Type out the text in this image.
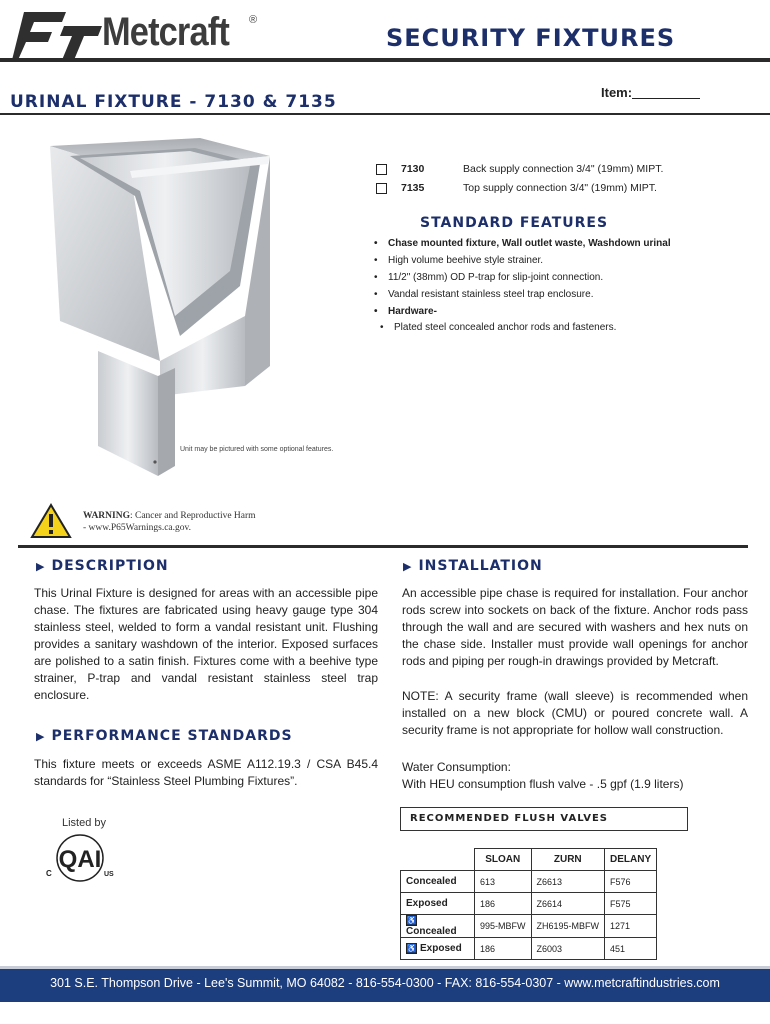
Metcraft ®
SECURITY FIXTURES
URINAL FIXTURE - 7130 & 7135	Item:
Unit may be pictured with some optional features.
7130	Back supply connection 3/4" (19mm) MIPT.
7135	Top supply connection 3/4" (19mm) MIPT.
STANDARD FEATURES
• Chase mounted fixture, Wall outlet waste, Washdown urinal
• High volume beehive style strainer.
• 11/2" (38mm) OD P-trap for slip-joint connection.
• Vandal resistant stainless steel trap enclosure.
• Hardware-
• Plated steel concealed anchor rods and fasteners.
WARNING: Cancer and Reproductive Harm
- www.P65Warnings.ca.gov.
▶ DESCRIPTION
This Urinal Fixture is designed for areas with an accessible pipe chase. The fixtures are fabricated using heavy gauge type 304 stainless steel, welded to form a vandal resistant unit. Flushing provides a sanitary washdown of the interior. Exposed surfaces are polished to a satin finish. Fixtures come with a beehive type strainer, P-trap and vandal resistant stainless steel trap enclosure.
▶ PERFORMANCE STANDARDS
This fixture meets or exceeds ASME A112.19.3 / CSA B45.4 standards for “Stainless Steel Plumbing Fixtures”.
▶ INSTALLATION
An accessible pipe chase is required for installation. Four anchor rods screw into sockets on back of the fixture. Anchor rods pass through the wall and are secured with washers and hex nuts on the chase side. Installer must provide wall openings for anchor rods and piping per rough-in drawings provided by Metcraft.
NOTE: A security frame (wall sleeve) is recommended when installed on a new block (CMU) or poured concrete wall. A security frame is not appropriate for hollow wall construction.
Water Consumption:
With HEU consumption flush valve - .5 gpf (1.9 liters)
Listed by
QAI
C	US
RECOMMENDED FLUSH VALVES
	SLOAN	ZURN	DELANY
Concealed	613	Z6613	F576
Exposed	186	Z6614	F575
♿Concealed	995-MBFW	ZH6195-MBFW	1271
♿ Exposed	186	Z6003	451
301 S.E. Thompson Drive - Lee's Summit, MO 64082 - 816-554-0300 - FAX: 816-554-0307 - www.metcraftindustries.com
